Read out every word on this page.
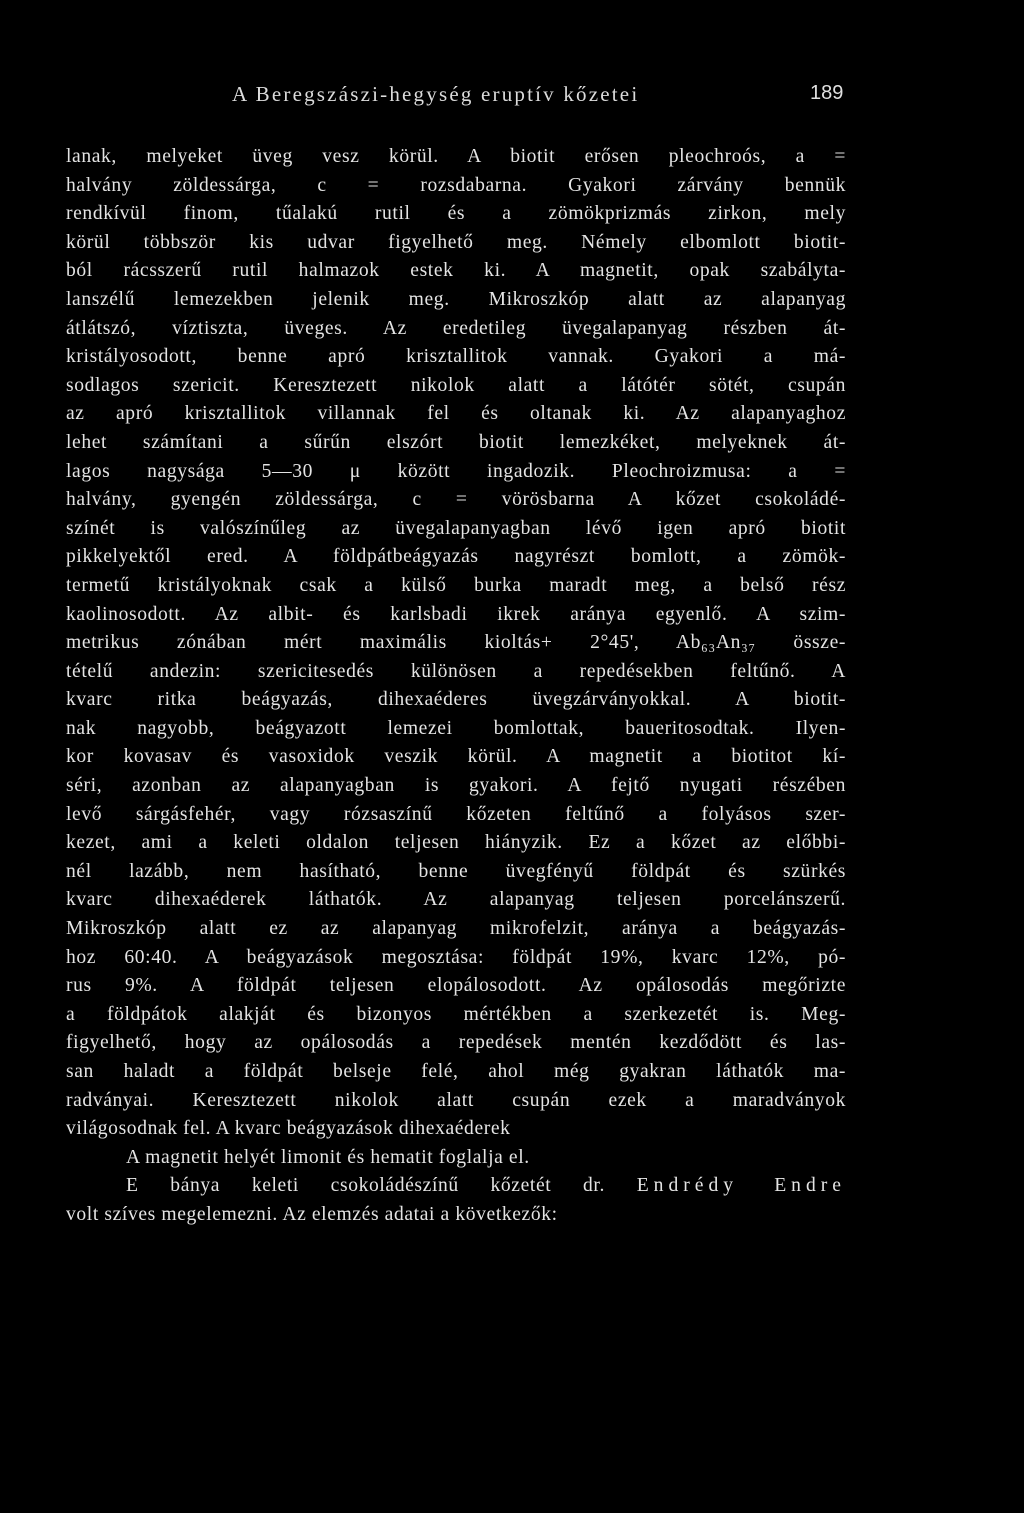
A Beregszászi-hegység eruptív kőzetei	189
lanak, melyeket üveg vesz körül. A biotit erősen pleochroós, a =
halvány zöldessárga, c = rozsdabarna. Gyakori zárvány bennük
rendkívül finom, tűalakú rutil és a zömökprizmás zirkon, mely
körül többször kis udvar figyelhető meg. Némely elbomlott biotit-
ból rácsszerű rutil halmazok estek ki. A magnetit, opak szabályta-
lanszélű lemezekben jelenik meg. Mikroszkóp alatt az alapanyag
átlátszó, víztiszta, üveges. Az eredetileg üvegalapanyag részben át-
kristályosodott, benne apró krisztallitok vannak. Gyakori a má-
sodlagos szericit. Keresztezett nikolok alatt a látótér sötét, csupán
az apró krisztallitok villannak fel és oltanak ki. Az alapanyaghoz
lehet számítani a sűrűn elszórt biotit lemezkéket, melyeknek át-
lagos nagysága 5—30 μ között ingadozik. Pleochroizmusa: a =
halvány, gyengén zöldessárga, c = vörösbarna A kőzet csokoládé-
színét is valószínűleg az üvegalapanyagban lévő igen apró biotit
pikkelyektől ered. A földpátbeágyazás nagyrészt bomlott, a zömök-
termetű kristályoknak csak a külső burka maradt meg, a belső rész
kaolinosodott. Az albit- és karlsbadi ikrek aránya egyenlő. A szim-
metrikus zónában mért maximális kioltás+ 2°45', Ab₆₃An₃₇ össze-
tételű andezin: szericitesedés különösen a repedésekben feltűnő. A
kvarc ritka beágyazás, dihexaéderes üvegzárványokkal. A biotit-
nak nagyobb, beágyazott lemezei bomlottak, baueritosodtak. Ilyen-
kor kovasav és vasoxidok veszik körül. A magnetit a biotitot kí-
séri, azonban az alapanyagban is gyakori. A fejtő nyugati részében
levő sárgásfehér, vagy rózsaszínű kőzeten feltűnő a folyásos szer-
kezet, ami a keleti oldalon teljesen hiányzik. Ez a kőzet az előbbi-
nél lazább, nem hasítható, benne üvegfényű földpát és szürkés
kvarc dihexaéderek láthatók. Az alapanyag teljesen porcelánszerű.
Mikroszkóp alatt ez az alapanyag mikrofelzit, aránya a beágyazás-
hoz 60:40. A beágyazások megosztása: földpát 19%, kvarc 12%, pó-
rus 9%. A földpát teljesen elopálosodott. Az opálosodás megőrizte
a földpátok alakját és bizonyos mértékben a szerkezetét is. Meg-
figyelhető, hogy az opálosodás a repedések mentén kezdődött és las-
san haladt a földpát belseje felé, ahol még gyakran láthatók ma-
radványai. Keresztezett nikolok alatt csupán ezek a maradványok
világosodnak fel. A kvarc beágyazások dihexaéderek
A magnetit helyét limonit és hematit foglalja el.
E bánya keleti csokoládészínű kőzetét dr. Endrédy Endre
volt szíves megelemezni. Az elemzés adatai a következők:
